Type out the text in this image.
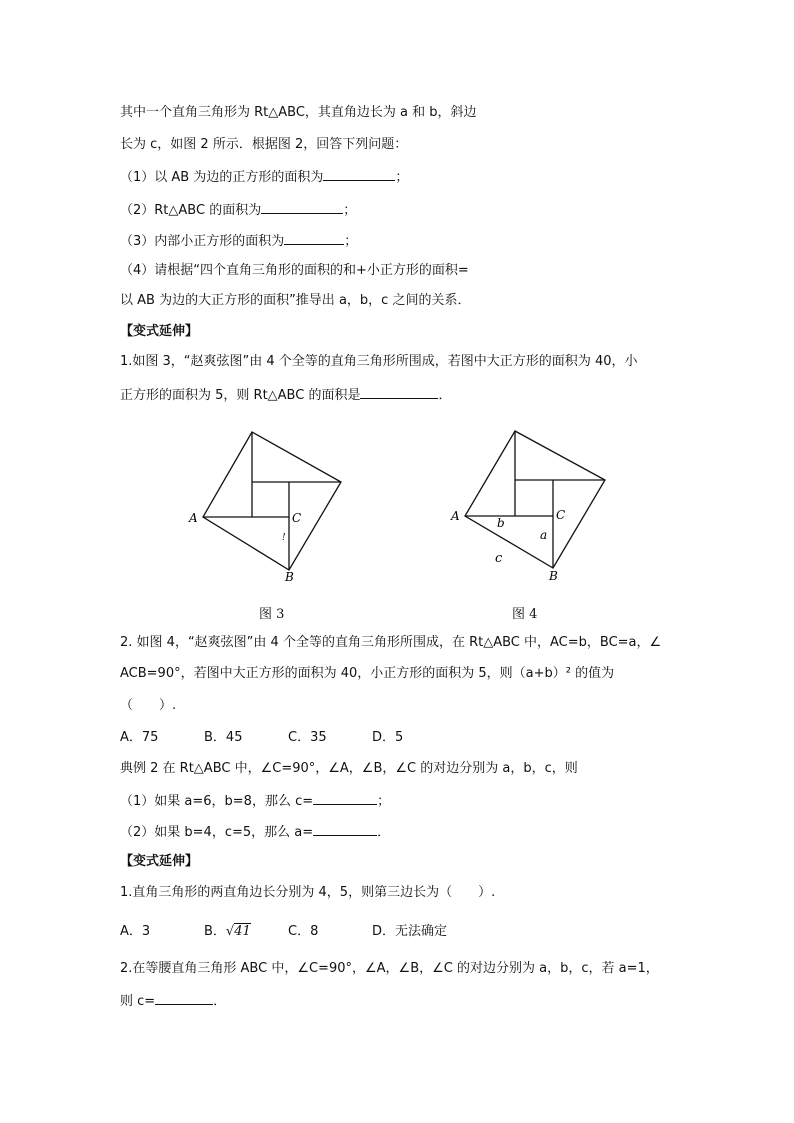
其中一个直角三角形为 Rt△ABC，其直角边长为 a 和 b，斜边
长为 c，如图 2 所示．根据图 2，回答下列问题：
（1）以 AB 为边的正方形的面积为	；
（2）Rt△ABC 的面积为	；
（3）内部小正方形的面积为	；
（4）请根据“四个直角三角形的面积的和+小正方形的面积=
以 AB 为边的大正方形的面积”推导出 a，b，c 之间的关系．
【变式延伸】
1.如图 3，“赵爽弦图”由 4 个全等的直角三角形所围成，若图中大正方形的面积为 40，小
正方形的面积为 5，则 Rt△ABC 的面积是	．
A	C
B
!
图 3
A	C
B
b
a
c
图 4
2. 如图 4，“赵爽弦图”由 4 个全等的直角三角形所围成，在 Rt△ABC 中，AC=b，BC=a，∠
ACB=90°，若图中大正方形的面积为 40，小正方形的面积为 5，则（a+b）² 的值为
（　　）.
A．75	B．45	C．35	D．5
典例 2 在 Rt△ABC 中，∠C=90°，∠A，∠B，∠C 的对边分别为 a，b，c，则
（1）如果 a=6，b=8，那么 c=	；
（2）如果 b=4，c=5，那么 a=	．
【变式延伸】
1.直角三角形的两直角边长分别为 4，5，则第三边长为（　　）.
A．3	B．√41	C．8	D．无法确定
2.在等腰直角三角形 ABC 中，∠C=90°，∠A，∠B，∠C 的对边分别为 a，b，c，若 a=1，
则 c=	．
